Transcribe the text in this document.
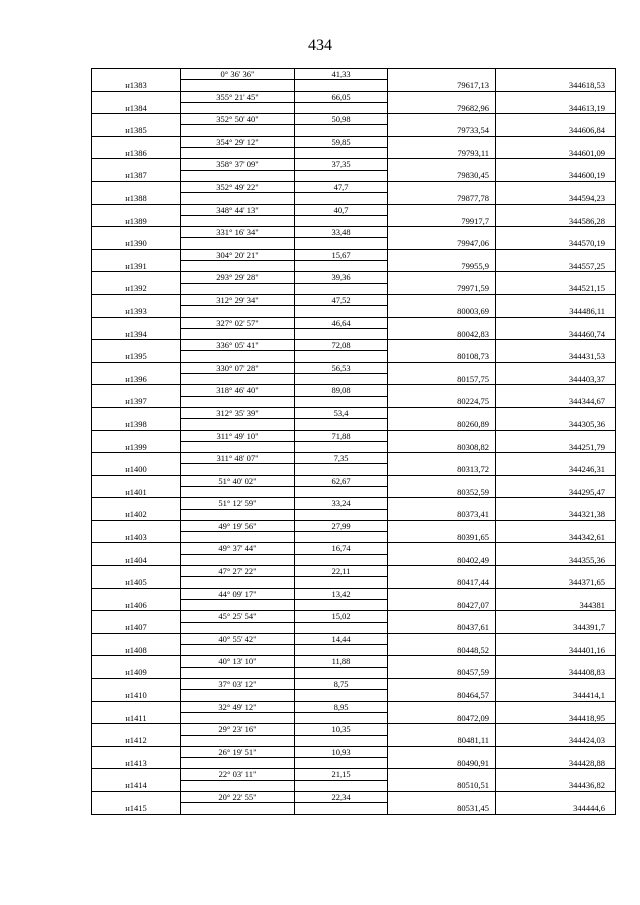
434
	0° 36' 36"	41,33		
н1383			79617,13	344618,53
	355° 21' 45"	66,05		
н1384			79682,96	344613,19
	352° 50' 40"	50,98		
н1385			79733,54	344606,84
	354° 29' 12"	59,85		
н1386			79793,11	344601,09
	358° 37' 09"	37,35		
н1387			79830,45	344600,19
	352° 49' 22"	47,7		
н1388			79877,78	344594,23
	348° 44' 13"	40,7		
н1389			79917,7	344586,28
	331° 16' 34"	33,48		
н1390			79947,06	344570,19
	304° 20' 21"	15,67		
н1391			79955,9	344557,25
	293° 29' 28"	39,36		
н1392			79971,59	344521,15
	312° 29' 34"	47,52		
н1393			80003,69	344486,11
	327° 02' 57"	46,64		
н1394			80042,83	344460,74
	336° 05' 41"	72,08		
н1395			80108,73	344431,53
	330° 07' 28"	56,53		
н1396			80157,75	344403,37
	318° 46' 40"	89,08		
н1397			80224,75	344344,67
	312° 35' 39"	53,4		
н1398			80260,89	344305,36
	311° 49' 10"	71,88		
н1399			80308,82	344251,79
	311° 48' 07"	7,35		
н1400			80313,72	344246,31
	51° 40' 02"	62,67		
н1401			80352,59	344295,47
	51° 12' 59"	33,24		
н1402			80373,41	344321,38
	49° 19' 56"	27,99		
н1403			80391,65	344342,61
	49° 37' 44"	16,74		
н1404			80402,49	344355,36
	47° 27' 22"	22,11		
н1405			80417,44	344371,65
	44° 09' 17"	13,42		
н1406			80427,07	344381
	45° 25' 54"	15,02		
н1407			80437,61	344391,7
	40° 55' 42"	14,44		
н1408			80448,52	344401,16
	40° 13' 10"	11,88		
н1409			80457,59	344408,83
	37° 03' 12"	8,75		
н1410			80464,57	344414,1
	32° 49' 12"	8,95		
н1411			80472,09	344418,95
	29° 23' 16"	10,35		
н1412			80481,11	344424,03
	26° 19' 51"	10,93		
н1413			80490,91	344428,88
	22° 03' 11"	21,15		
н1414			80510,51	344436,82
	20° 22' 55"	22,34		
н1415			80531,45	344444,6
